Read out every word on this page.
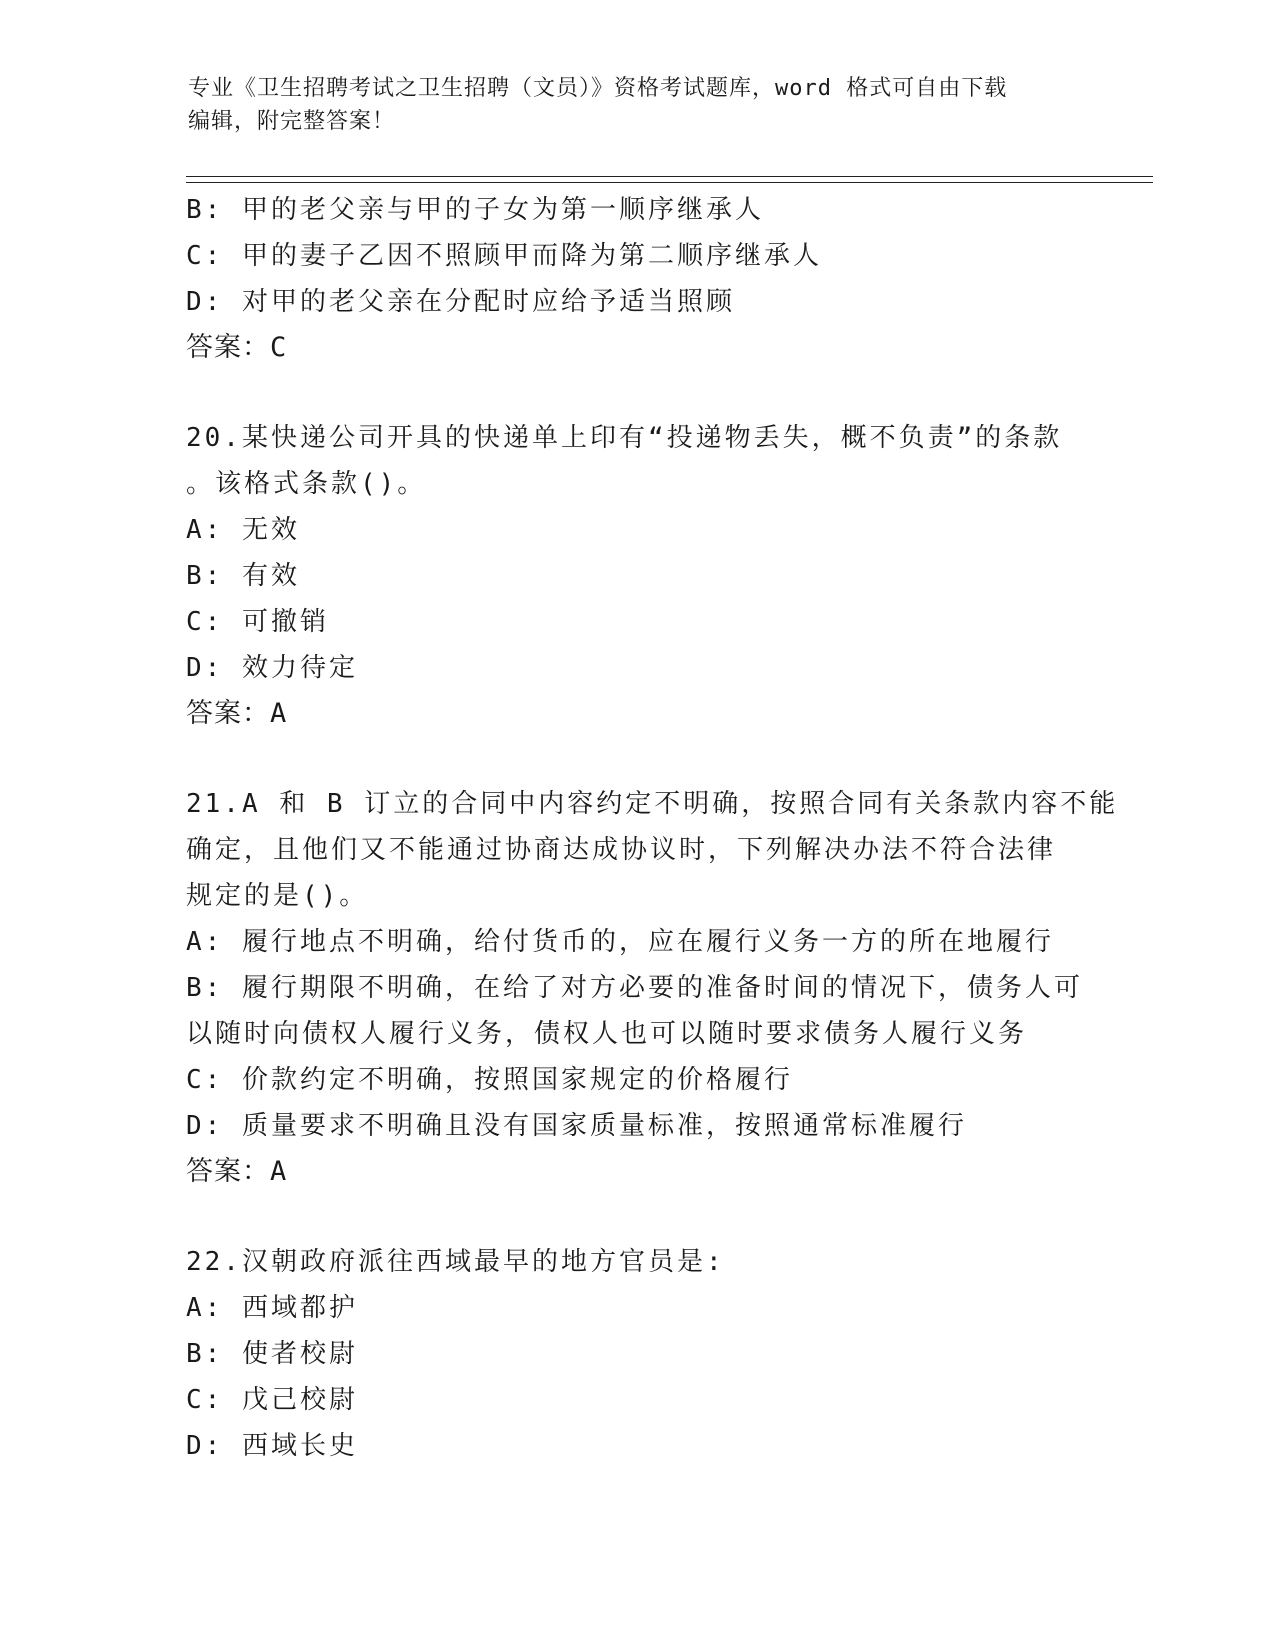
专业《卫生招聘考试之卫生招聘（文员）》资格考试题库，word 格式可自由下载
编辑，附完整答案！
B: 甲的老父亲与甲的子女为第一顺序继承人
C: 甲的妻子乙因不照顾甲而降为第二顺序继承人
D: 对甲的老父亲在分配时应给予适当照顾
答案：C
20.某快递公司开具的快递单上印有“投递物丢失，概不负责”的条款
。该格式条款()。
A: 无效
B: 有效
C: 可撤销
D: 效力待定
答案：A
21.A 和 B 订立的合同中内容约定不明确，按照合同有关条款内容不能
确定，且他们又不能通过协商达成协议时，下列解决办法不符合法律
规定的是()。
A: 履行地点不明确，给付货币的，应在履行义务一方的所在地履行
B: 履行期限不明确，在给了对方必要的准备时间的情况下，债务人可
以随时向债权人履行义务，债权人也可以随时要求债务人履行义务
C: 价款约定不明确，按照国家规定的价格履行
D: 质量要求不明确且没有国家质量标准，按照通常标准履行
答案：A
22.汉朝政府派往西域最早的地方官员是:
A: 西域都护
B: 使者校尉
C: 戊己校尉
D: 西域长史
